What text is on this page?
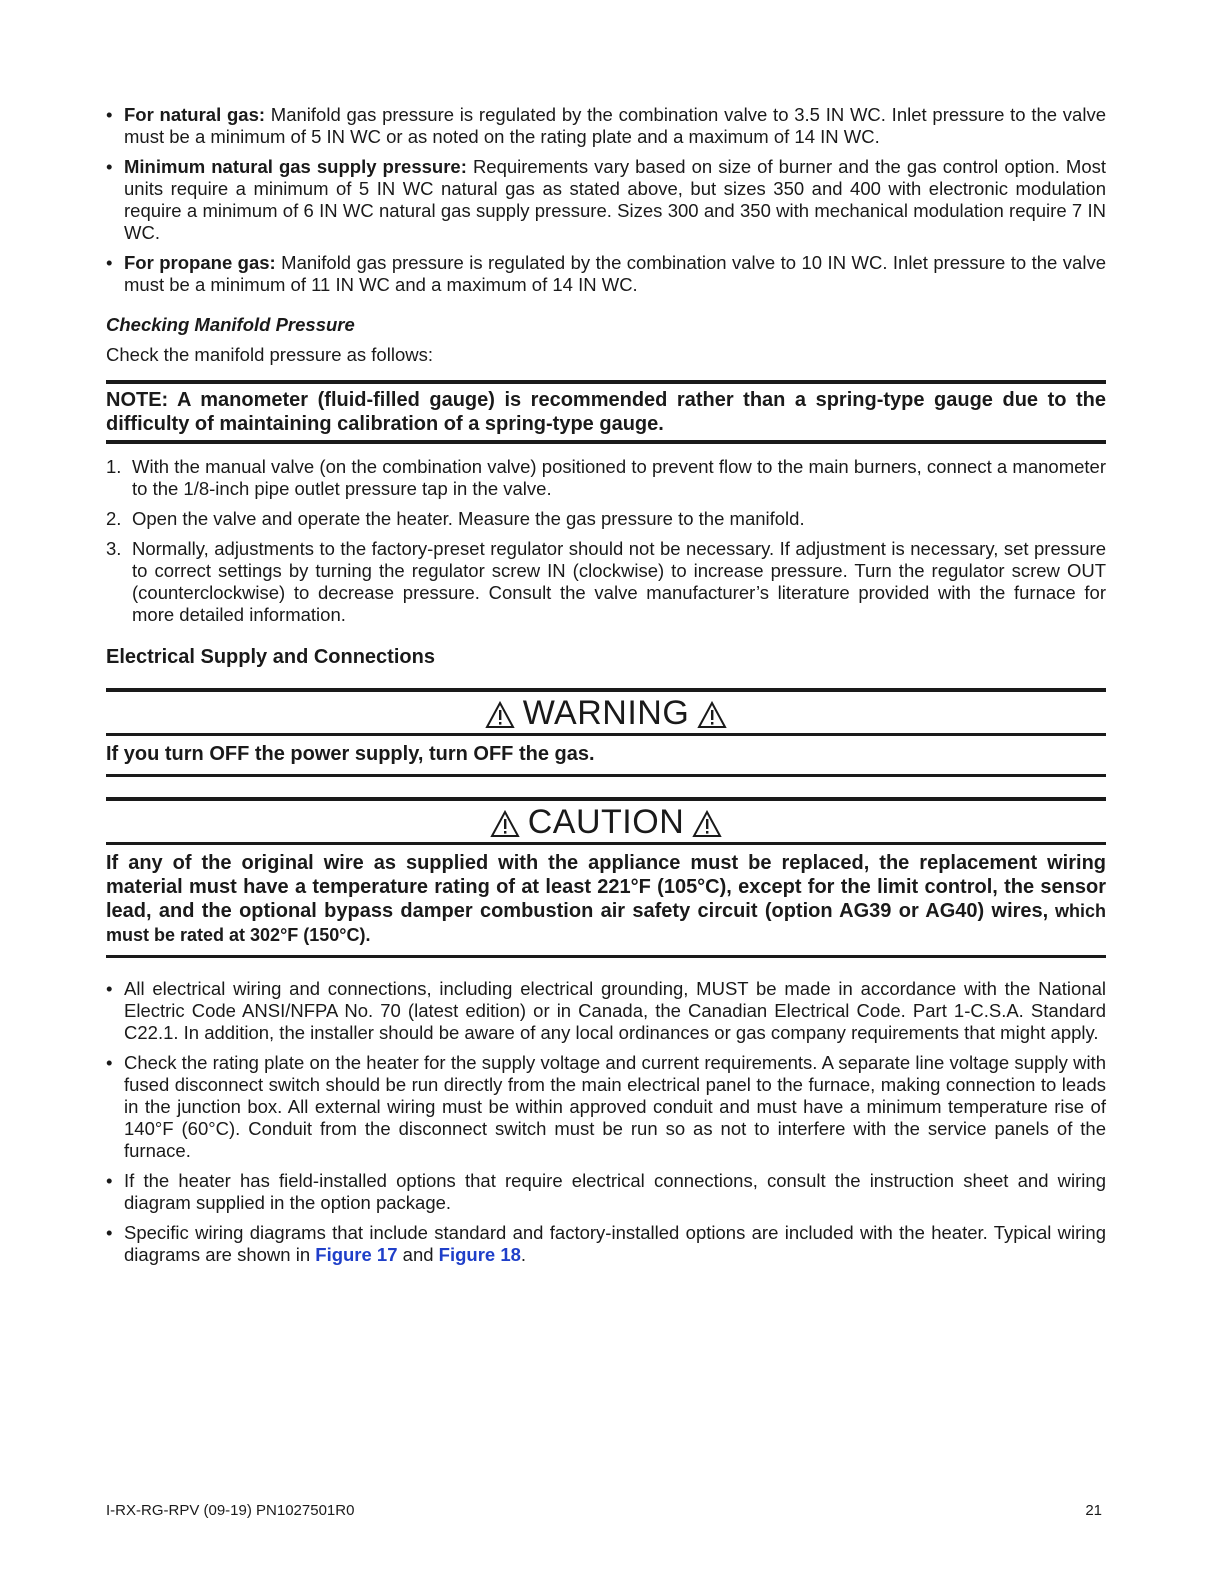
• For natural gas: Manifold gas pressure is regulated by the combination valve to 3.5 IN WC. Inlet pressure to the valve must be a minimum of 5 IN WC or as noted on the rating plate and a maximum of 14 IN WC.
• Minimum natural gas supply pressure: Requirements vary based on size of burner and the gas control option. Most units require a minimum of 5 IN WC natural gas as stated above, but sizes 350 and 400 with electronic modulation require a minimum of 6 IN WC natural gas supply pressure. Sizes 300 and 350 with mechanical modulation require 7 IN WC.
• For propane gas: Manifold gas pressure is regulated by the combination valve to 10 IN WC. Inlet pressure to the valve must be a minimum of 11 IN WC and a maximum of 14 IN WC.
Checking Manifold Pressure
Check the manifold pressure as follows:
NOTE: A manometer (fluid-filled gauge) is recommended rather than a spring-type gauge due to the difficulty of maintaining calibration of a spring-type gauge.
1. With the manual valve (on the combination valve) positioned to prevent flow to the main burners, connect a manometer to the 1/8-inch pipe outlet pressure tap in the valve.
2. Open the valve and operate the heater. Measure the gas pressure to the manifold.
3. Normally, adjustments to the factory-preset regulator should not be necessary. If adjustment is necessary, set pressure to correct settings by turning the regulator screw IN (clockwise) to increase pressure. Turn the regulator screw OUT (counterclockwise) to decrease pressure. Consult the valve manufacturer’s literature provided with the furnace for more detailed information.
Electrical Supply and Connections
WARNING
If you turn OFF the power supply, turn OFF the gas.
CAUTION
If any of the original wire as supplied with the appliance must be replaced, the replacement wiring material must have a temperature rating of at least 221°F (105°C), except for the limit control, the sensor lead, and the optional bypass damper combustion air safety circuit (option AG39 or AG40) wires, which must be rated at 302°F (150°C).
• All electrical wiring and connections, including electrical grounding, MUST be made in accordance with the National Electric Code ANSI/NFPA No. 70 (latest edition) or in Canada, the Canadian Electrical Code. Part 1-C.S.A. Standard C22.1. In addition, the installer should be aware of any local ordinances or gas company requirements that might apply.
• Check the rating plate on the heater for the supply voltage and current requirements. A separate line voltage supply with fused disconnect switch should be run directly from the main electrical panel to the furnace, making connection to leads in the junction box. All external wiring must be within approved conduit and must have a minimum temperature rise of 140°F (60°C). Conduit from the disconnect switch must be run so as not to interfere with the service panels of the furnace.
• If the heater has field-installed options that require electrical connections, consult the instruction sheet and wiring diagram supplied in the option package.
• Specific wiring diagrams that include standard and factory-installed options are included with the heater. Typical wiring diagrams are shown in Figure 17 and Figure 18.
I-RX-RG-RPV (09-19) PN1027501R0	21
